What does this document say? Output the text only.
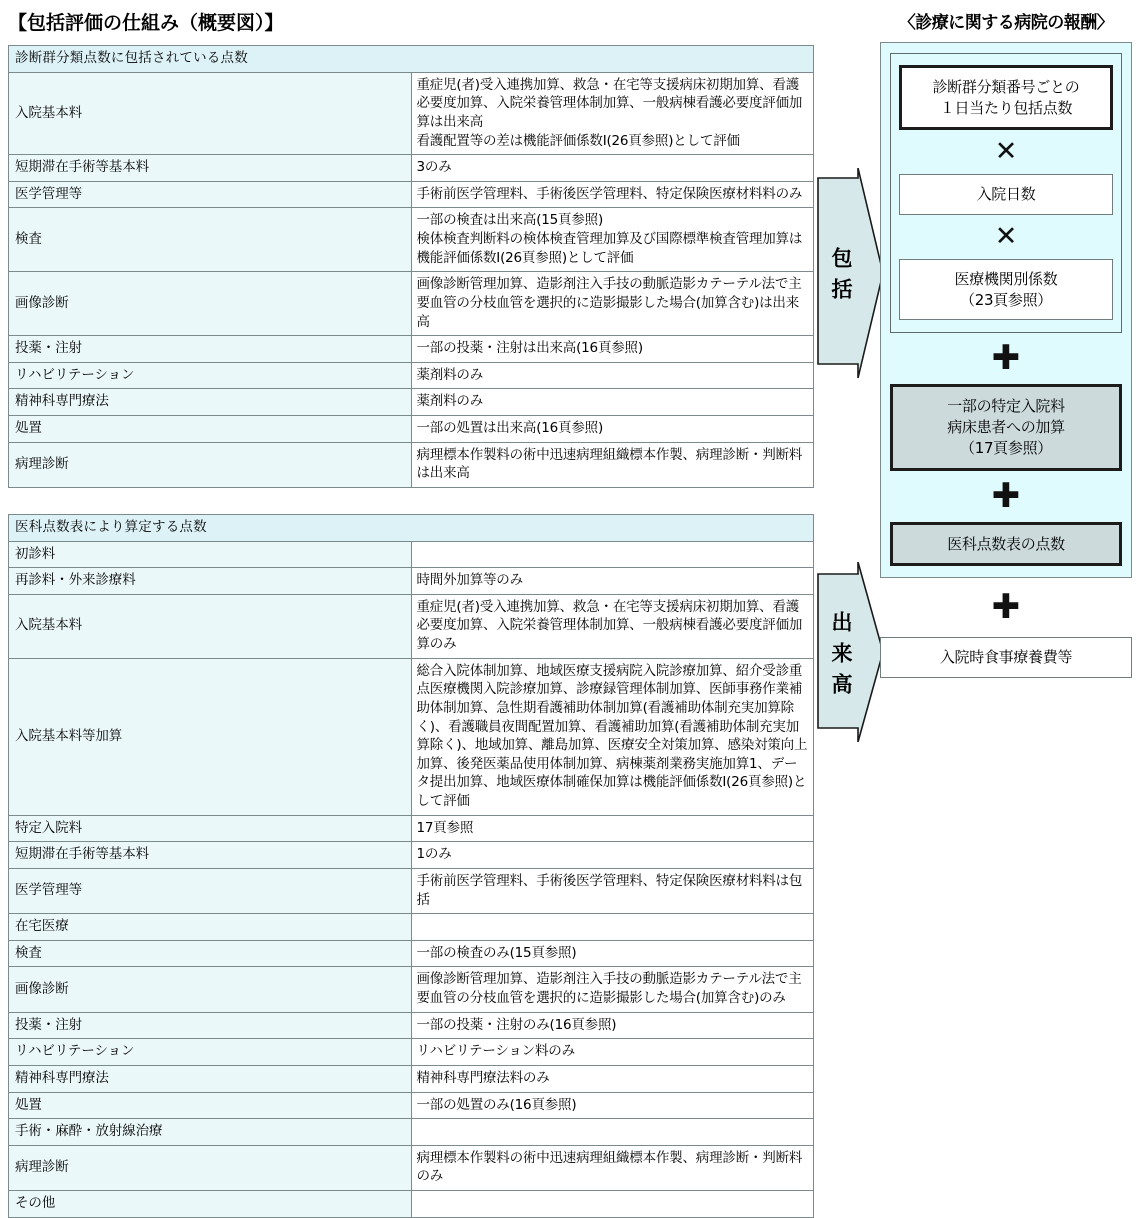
【包括評価の仕組み（概要図）】
診断群分類点数に包括されている点数	
入院基本料	重症児(者)受入連携加算、救急・在宅等支援病床初期加算、看護必要度加算、入院栄養管理体制加算、一般病棟看護必要度評価加算は出来高
看護配置等の差は機能評価係数Ⅰ(26頁参照)として評価
短期滞在手術等基本料	3のみ
医学管理等	手術前医学管理料、手術後医学管理料、特定保険医療材料料のみ
検査	一部の検査は出来高(15頁参照)
検体検査判断料の検体検査管理加算及び国際標準検査管理加算は機能評価係数Ⅰ(26頁参照)として評価
画像診断	画像診断管理加算、造影剤注入手技の動脈造影カテーテル法で主要血管の分枝血管を選択的に造影撮影した場合(加算含む)は出来高
投薬・注射	一部の投薬・注射は出来高(16頁参照)
リハビリテーション	薬剤料のみ
精神科専門療法	薬剤料のみ
処置	一部の処置は出来高(16頁参照)
病理診断	病理標本作製料の術中迅速病理組織標本作製、病理診断・判断料は出来高
医科点数表により算定する点数	
初診料	
再診料・外来診療料	時間外加算等のみ
入院基本料	重症児(者)受入連携加算、救急・在宅等支援病床初期加算、看護必要度加算、入院栄養管理体制加算、一般病棟看護必要度評価加算のみ
入院基本料等加算	総合入院体制加算、地域医療支援病院入院診療加算、紹介受診重点医療機関入院診療加算、診療録管理体制加算、医師事務作業補助体制加算、急性期看護補助体制加算(看護補助体制充実加算除く)、看護職員夜間配置加算、看護補助加算(看護補助体制充実加算除く)、地域加算、離島加算、医療安全対策加算、感染対策向上加算、後発医薬品使用体制加算、病棟薬剤業務実施加算1、データ提出加算、地域医療体制確保加算は機能評価係数Ⅰ(26頁参照)として評価
特定入院料	17頁参照
短期滞在手術等基本料	1のみ
医学管理等	手術前医学管理料、手術後医学管理料、特定保険医療材料料は包括
在宅医療	
検査	一部の検査のみ(15頁参照)
画像診断	画像診断管理加算、造影剤注入手技の動脈造影カテーテル法で主要血管の分枝血管を選択的に造影撮影した場合(加算含む)のみ
投薬・注射	一部の投薬・注射のみ(16頁参照)
リハビリテーション	リハビリテーション料のみ
精神科専門療法	精神科専門療法料のみ
処置	一部の処置のみ(16頁参照)
手術・麻酔・放射線治療	
病理診断	病理標本作製料の術中迅速病理組織標本作製、病理診断・判断料のみ
その他	
包括
出来高
〈診療に関する病院の報酬〉
診断群分類番号ごとの
１日当たり包括点数
✕
入院日数
✕
医療機関別係数
（23頁参照）
✚
一部の特定入院料
病床患者への加算
（17頁参照）
✚
医科点数表の点数
✚
入院時食事療養費等
